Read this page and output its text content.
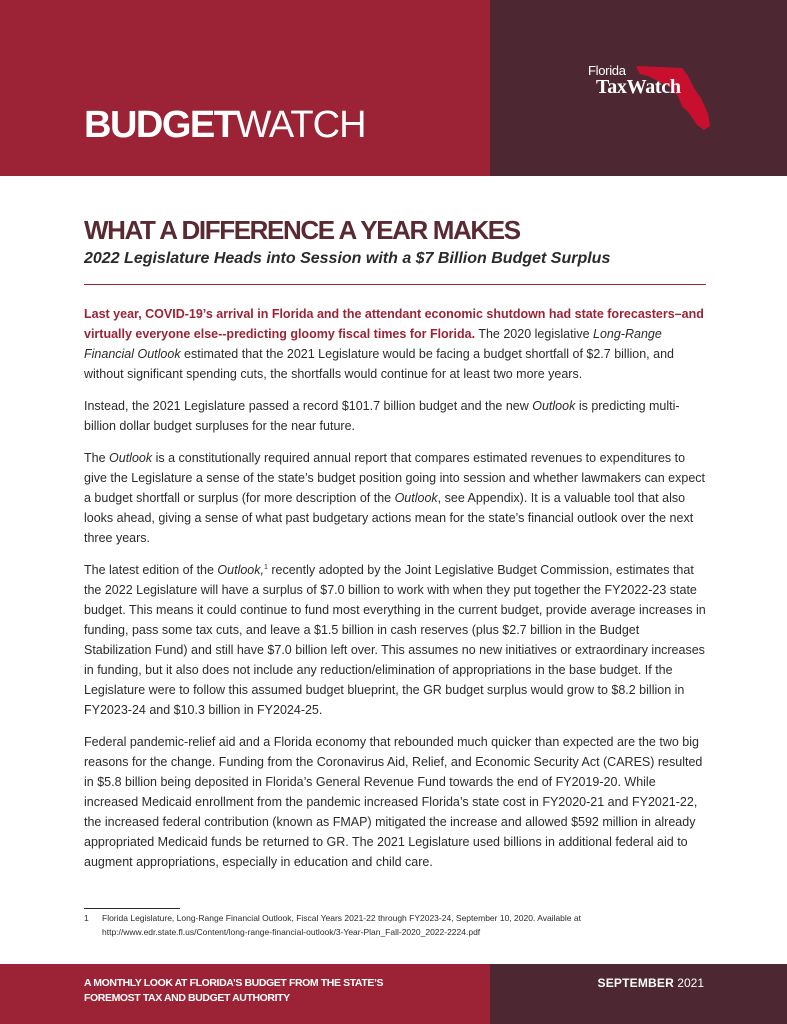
BUDGETWATCH
Florida
TaxWatch
WHAT A DIFFERENCE A YEAR MAKES
2022 Legislature Heads into Session with a $7 Billion Budget Surplus

Last year, COVID-19’s arrival in Florida and the attendant economic shutdown had state forecasters–and virtually everyone else--predicting gloomy fiscal times for Florida. The 2020 legislative Long-Range Financial Outlook estimated that the 2021 Legislature would be facing a budget shortfall of $2.7 billion, and without significant spending cuts, the shortfalls would continue for at least two more years.

Instead, the 2021 Legislature passed a record $101.7 billion budget and the new Outlook is predicting multi-billion dollar budget surpluses for the near future.

The Outlook is a constitutionally required annual report that compares estimated revenues to expenditures to give the Legislature a sense of the state’s budget position going into session and whether lawmakers can expect a budget shortfall or surplus (for more description of the Outlook, see Appendix). It is a valuable tool that also looks ahead, giving a sense of what past budgetary actions mean for the state’s financial outlook over the next three years.

The latest edition of the Outlook,$^1$ recently adopted by the Joint Legislative Budget Commission, estimates that the 2022 Legislature will have a surplus of $7.0 billion to work with when they put together the FY2022-23 state budget. This means it could continue to fund most everything in the current budget, provide average increases in funding, pass some tax cuts, and leave a $1.5 billion in cash reserves (plus $2.7 billion in the Budget Stabilization Fund) and still have $7.0 billion left over. This assumes no new initiatives or extraordinary increases in funding, but it also does not include any reduction/elimination of appropriations in the base budget. If the Legislature were to follow this assumed budget blueprint, the GR budget surplus would grow to $8.2 billion in FY2023-24 and $10.3 billion in FY2024-25.

Federal pandemic-relief aid and a Florida economy that rebounded much quicker than expected are the two big reasons for the change. Funding from the Coronavirus Aid, Relief, and Economic Security Act (CARES) resulted in $5.8 billion being deposited in Florida’s General Revenue Fund towards the end of FY2019-20. While increased Medicaid enrollment from the pandemic increased Florida’s state cost in FY2020-21 and FY2021-22, the increased federal contribution (known as FMAP) mitigated the increase and allowed $592 million in already appropriated Medicaid funds be returned to GR. The 2021 Legislature used billions in additional federal aid to augment appropriations, especially in education and child care.

1	Florida Legislature, Long-Range Financial Outlook, Fiscal Years 2021-22 through FY2023-24, September 10, 2020. Available at http://www.edr.state.fl.us/Content/long-range-financial-outlook/3-Year-Plan_Fall-2020_2022-2224.pdf
A MONTHLY LOOK AT FLORIDA’S BUDGET FROM THE STATE’S FOREMOST TAX AND BUDGET AUTHORITY
SEPTEMBER 2021
